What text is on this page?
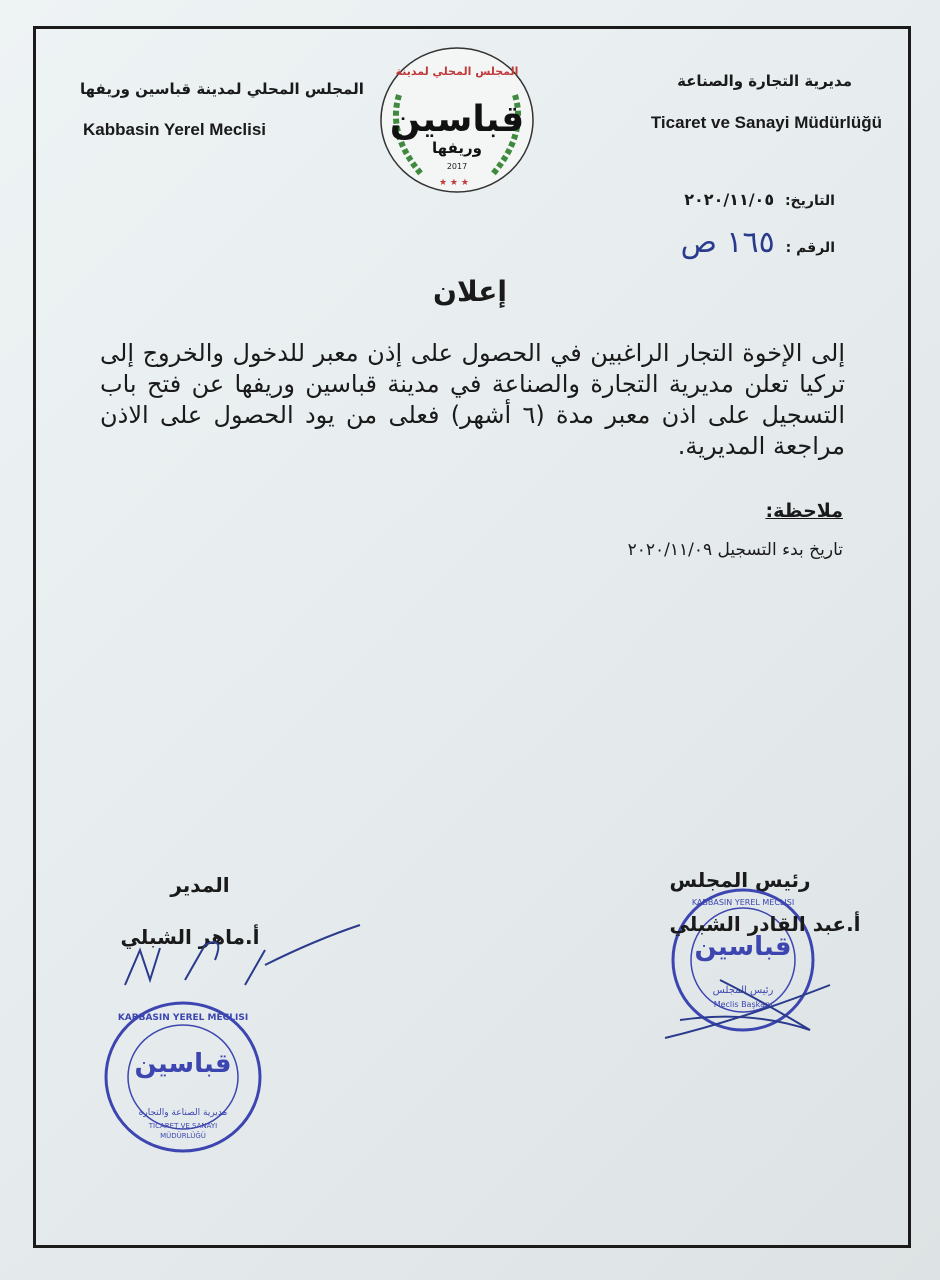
المجلس المحلي لمدينة قباسين وريفها
Kabbasin Yerel Meclisi
مديرية التجارة والصناعة
Ticaret ve Sanayi Müdürlüğü
المجلس المحلي لمدينة
قباسين
وريفها
2017
★ ★ ★
التاريخ: ٢٠٢٠/١١/٠٥
الرقم : ١٦٥ ص
إعلان
إلى الإخوة التجار الراغبين في الحصول على إذن معبر للدخول والخروج إلى تركيا تعلن مديرية التجارة والصناعة في مدينة قباسين وريفها عن فتح باب التسجيل على اذن معبر مدة (٦ أشهر) فعلى من يود الحصول على الاذن مراجعة المديرية.
ملاحظة:
تاريخ بدء التسجيل ٢٠٢٠/١١/٠٩
رئيس المجلس
قباسين
رئيس المجلس
Meclis Başkanı
KABBASIN YEREL MECLISI
أ.عبد القادر الشبلي
المدير
أ.ماهر الشبلي
KABBASIN YEREL MECLISI
قباسين
مديرية الصناعة والتجارة
TICARET VE SANAYI
MÜDÜRLÜĞÜ
